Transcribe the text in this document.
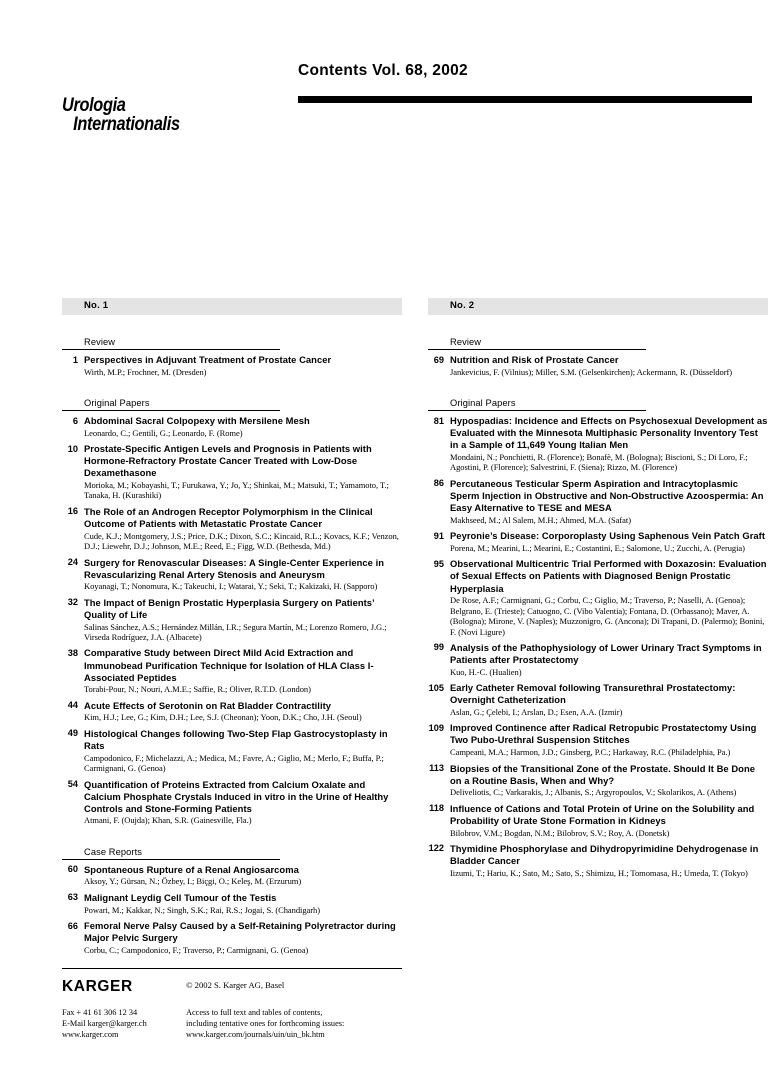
Contents Vol. 68, 2002
Urologia
Internationalis
No. 1
Review
1 Perspectives in Adjuvant Treatment of Prostate Cancer
Wirth, M.P.; Frochner, M. (Dresden)
Original Papers
6 Abdominal Sacral Colpopexy with Mersilene Mesh
Leonardo, C.; Gentili, G.; Leonardo, F. (Rome)
10 Prostate-Specific Antigen Levels and Prognosis in Patients with Hormone-Refractory Prostate Cancer Treated with Low-Dose Dexamethasone
Morioka, M.; Kobayashi, T.; Furukawa, Y.; Jo, Y.; Shinkai, M.; Matsuki, T.; Yamamoto, T.; Tanaka, H. (Kurashiki)
16 The Role of an Androgen Receptor Polymorphism in the Clinical Outcome of Patients with Metastatic Prostate Cancer
Cude, K.J.; Montgomery, J.S.; Price, D.K.; Dixon, S.C.; Kincaid, R.L.; Kovacs, K.F.; Venzon, D.J.; Liewehr, D.J.; Johnson, M.E.; Reed, E.; Figg, W.D. (Bethesda, Md.)
24 Surgery for Renovascular Diseases: A Single-Center Experience in Revascularizing Renal Artery Stenosis and Aneurysm
Koyanagi, T.; Nonomura, K.; Takeuchi, I.; Watarai, Y.; Seki, T.; Kakizaki, H. (Sapporo)
32 The Impact of Benign Prostatic Hyperplasia Surgery on Patients’ Quality of Life
Salinas Sánchez, A.S.; Hernández Millán, I.R.; Segura Martín, M.; Lorenzo Romero, J.G.; Virseda Rodríguez, J.A. (Albacete)
38 Comparative Study between Direct Mild Acid Extraction and Immunobead Purification Technique for Isolation of HLA Class I-Associated Peptides
Torabi-Pour, N.; Nouri, A.M.E.; Saffie, R.; Oliver, R.T.D. (London)
44 Acute Effects of Serotonin on Rat Bladder Contractility
Kim, H.J.; Lee, G.; Kim, D.H.; Lee, S.J. (Cheonan); Yoon, D.K.; Cho, J.H. (Seoul)
49 Histological Changes following Two-Step Flap Gastrocystoplasty in Rats
Campodonico, F.; Michelazzi, A.; Medica, M.; Favre, A.; Giglio, M.; Merlo, F.; Buffa, P.; Carmignani, G. (Genoa)
54 Quantification of Proteins Extracted from Calcium Oxalate and Calcium Phosphate Crystals Induced in vitro in the Urine of Healthy Controls and Stone-Forming Patients
Atmani, F. (Oujda); Khan, S.R. (Gainesville, Fla.)
Case Reports
60 Spontaneous Rupture of a Renal Angiosarcoma
Aksoy, Y.; Gürsan, N.; Özbey, I.; Biçgi, O.; Keleş, M. (Erzurum)
63 Malignant Leydig Cell Tumour of the Testis
Powari, M.; Kakkar, N.; Singh, S.K.; Rai, R.S.; Jogai, S. (Chandigarh)
66 Femoral Nerve Palsy Caused by a Self-Retaining Polyretractor during Major Pelvic Surgery
Corbu, C.; Campodonico, F.; Traverso, P.; Carmignani, G. (Genoa)
No. 2
Review
69 Nutrition and Risk of Prostate Cancer
Jankevicius, F. (Vilnius); Miller, S.M. (Gelsenkirchen); Ackermann, R. (Düsseldorf)
Original Papers
81 Hypospadias: Incidence and Effects on Psychosexual Development as Evaluated with the Minnesota Multiphasic Personality Inventory Test in a Sample of 11,649 Young Italian Men
Mondaini, N.; Ponchietti, R. (Florence); Bonafè, M. (Bologna); Biscioni, S.; Di Loro, F.; Agostini, P. (Florence); Salvestrini, F. (Siena); Rizzo, M. (Florence)
86 Percutaneous Testicular Sperm Aspiration and Intracytoplasmic Sperm Injection in Obstructive and Non-Obstructive Azoospermia: An Easy Alternative to TESE and MESA
Makhseed, M.; Al Salem, M.H.; Ahmed, M.A. (Safat)
91 Peyronie’s Disease: Corporoplasty Using Saphenous Vein Patch Graft
Porena, M.; Mearini, L.; Mearini, E.; Costantini, E.; Salomone, U.; Zucchi, A. (Perugia)
95 Observational Multicentric Trial Performed with Doxazosin: Evaluation of Sexual Effects on Patients with Diagnosed Benign Prostatic Hyperplasia
De Rose, A.F.; Carmignani, G.; Corbu, C.; Giglio, M.; Traverso, P.; Naselli, A. (Genoa); Belgrano, E. (Trieste); Catuogno, C. (Vibo Valentia); Fontana, D. (Orbassano); Maver, A. (Bologna); Mirone, V. (Naples); Muzzonigro, G. (Ancona); Di Trapani, D. (Palermo); Bonini, F. (Novi Ligure)
99 Analysis of the Pathophysiology of Lower Urinary Tract Symptoms in Patients after Prostatectomy
Kuo, H.-C. (Hualien)
105 Early Catheter Removal following Transurethral Prostatectomy: Overnight Catheterization
Aslan, G.; Çelebi, I.; Arslan, D.; Esen, A.A. (Izmir)
109 Improved Continence after Radical Retropubic Prostatectomy Using Two Pubo-Urethral Suspension Stitches
Campeani, M.A.; Harmon, J.D.; Ginsberg, P.C.; Harkaway, R.C. (Philadelphia, Pa.)
113 Biopsies of the Transitional Zone of the Prostate. Should It Be Done on a Routine Basis, When and Why?
Deliveliotis, C.; Varkarakis, J.; Albanis, S.; Argyropoulos, V.; Skolarikos, A. (Athens)
118 Influence of Cations and Total Protein of Urine on the Solubility and Probability of Urate Stone Formation in Kidneys
Bilobrov, V.M.; Bogdan, N.M.; Bilobrov, S.V.; Roy, A. (Donetsk)
122 Thymidine Phosphorylase and Dihydropyrimidine Dehydrogenase in Bladder Cancer
Iizumi, T.; Hariu, K.; Sato, M.; Sato, S.; Shimizu, H.; Tomomasa, H.; Umeda, T. (Tokyo)
KARGER	© 2002 S. Karger AG, Basel
Fax + 41 61 306 12 34
E-Mail karger@karger.ch
www.karger.com
Access to full text and tables of contents,
including tentative ones for forthcoming issues:
www.karger.com/journals/uin/uin_bk.htm
